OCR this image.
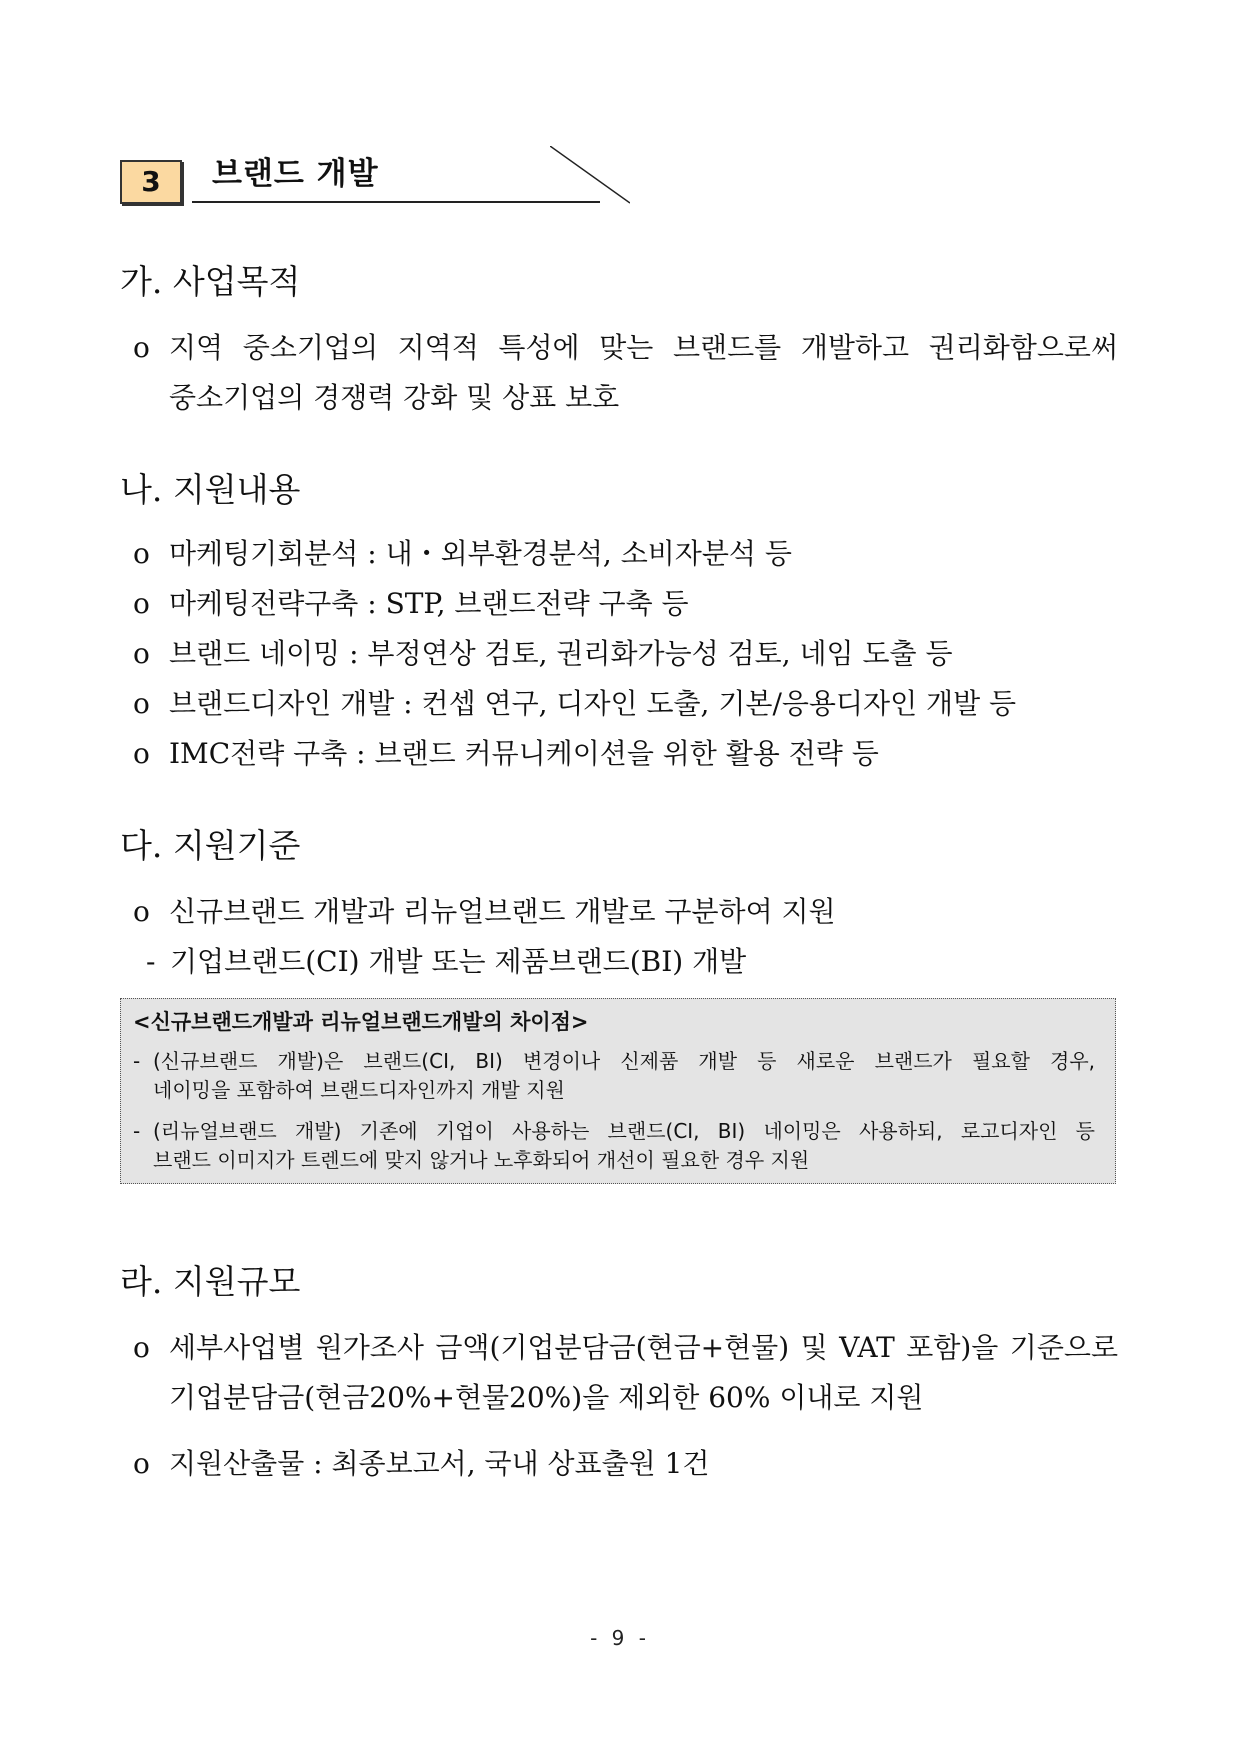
3	브랜드 개발
가. 사업목적
o 지역 중소기업의 지역적 특성에 맞는 브랜드를 개발하고 권리화함으로써
중소기업의 경쟁력 강화 및 상표 보호
나. 지원내용
o 마케팅기회분석 : 내・외부환경분석, 소비자분석 등
o 마케팅전략구축 : STP, 브랜드전략 구축 등
o 브랜드 네이밍 : 부정연상 검토, 권리화가능성 검토, 네임 도출 등
o 브랜드디자인 개발 : 컨셉 연구, 디자인 도출, 기본/응용디자인 개발 등
o IMC전략 구축 : 브랜드 커뮤니케이션을 위한 활용 전략 등
다. 지원기준
o 신규브랜드 개발과 리뉴얼브랜드 개발로 구분하여 지원
- 기업브랜드(CI) 개발 또는 제품브랜드(BI) 개발
<신규브랜드개발과 리뉴얼브랜드개발의 차이점>
- (신규브랜드 개발)은 브랜드(CI, BI) 변경이나 신제품 개발 등 새로운 브랜드가 필요할 경우,
네이밍을 포함하여 브랜드디자인까지 개발 지원
- (리뉴얼브랜드 개발) 기존에 기업이 사용하는 브랜드(CI, BI) 네이밍은 사용하되, 로고디자인 등
브랜드 이미지가 트렌드에 맞지 않거나 노후화되어 개선이 필요한 경우 지원
라. 지원규모
o 세부사업별 원가조사 금액(기업분담금(현금+현물) 및 VAT 포함)을 기준으로
기업분담금(현금20%+현물20%)을 제외한 60% 이내로 지원
o 지원산출물 : 최종보고서, 국내 상표출원 1건
- 9 -
